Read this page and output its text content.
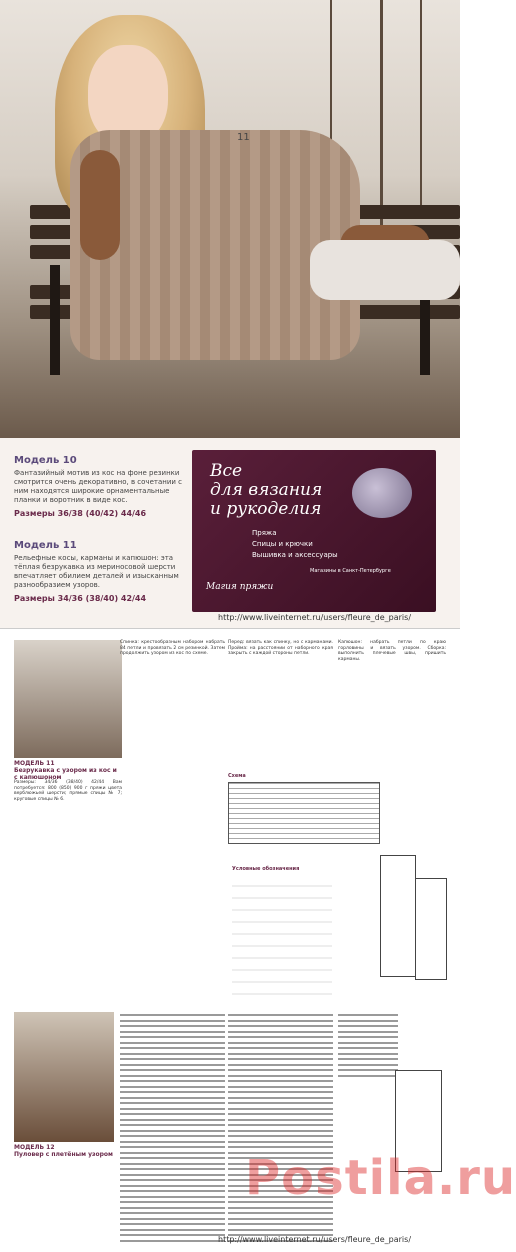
11
Модель 10
Фантазийный мотив из кос на фоне резинки смотрится очень декоративно, в сочетании с ним находятся широкие орнаментальные планки и воротник в виде кос.
Размеры 36/38 (40/42) 44/46
Модель 11
Рельефные косы, карманы и капюшон: эта тёплая безрукавка из мериносовой шерсти впечатляет обилием деталей и изысканным разнообразием узоров.
Размеры 34/36 (38/40) 42/44
Все
для вязания
и рукоделия
Пряжа
Спицы и крючки
Вышивка и аксессуары
Магия пряжи
Магазины в Санкт-Петербурге
http://www.liveinternet.ru/users/fleure_de_paris/
МОДЕЛЬ 11
Безрукавка с узором из кос и с капюшоном
Размеры: 34/36 (38/40) 42/44 Вам потребуется: 800 (850) 900 г пряжи цвета верблюжьей шерсти; прямые спицы № 7; круговые спицы № 6.
Спинка: крестообразным набором набрать 84 петли и провязать 2 см резинкой. Затем продолжить узором из кос по схеме.
Перед: вязать как спинку, но с карманами. Пройма: на расстоянии от наборного края закрыть с каждой стороны петли.
Капюшон: набрать петли по краю горловины и вязать узором. Сборка: выполнить плечевые швы, пришить карманы.
Схема
Условные обозначения
МОДЕЛЬ 12
Пуловер с плетёным узором	Postila.ru
http://www.liveinternet.ru/users/fleure_de_paris/
